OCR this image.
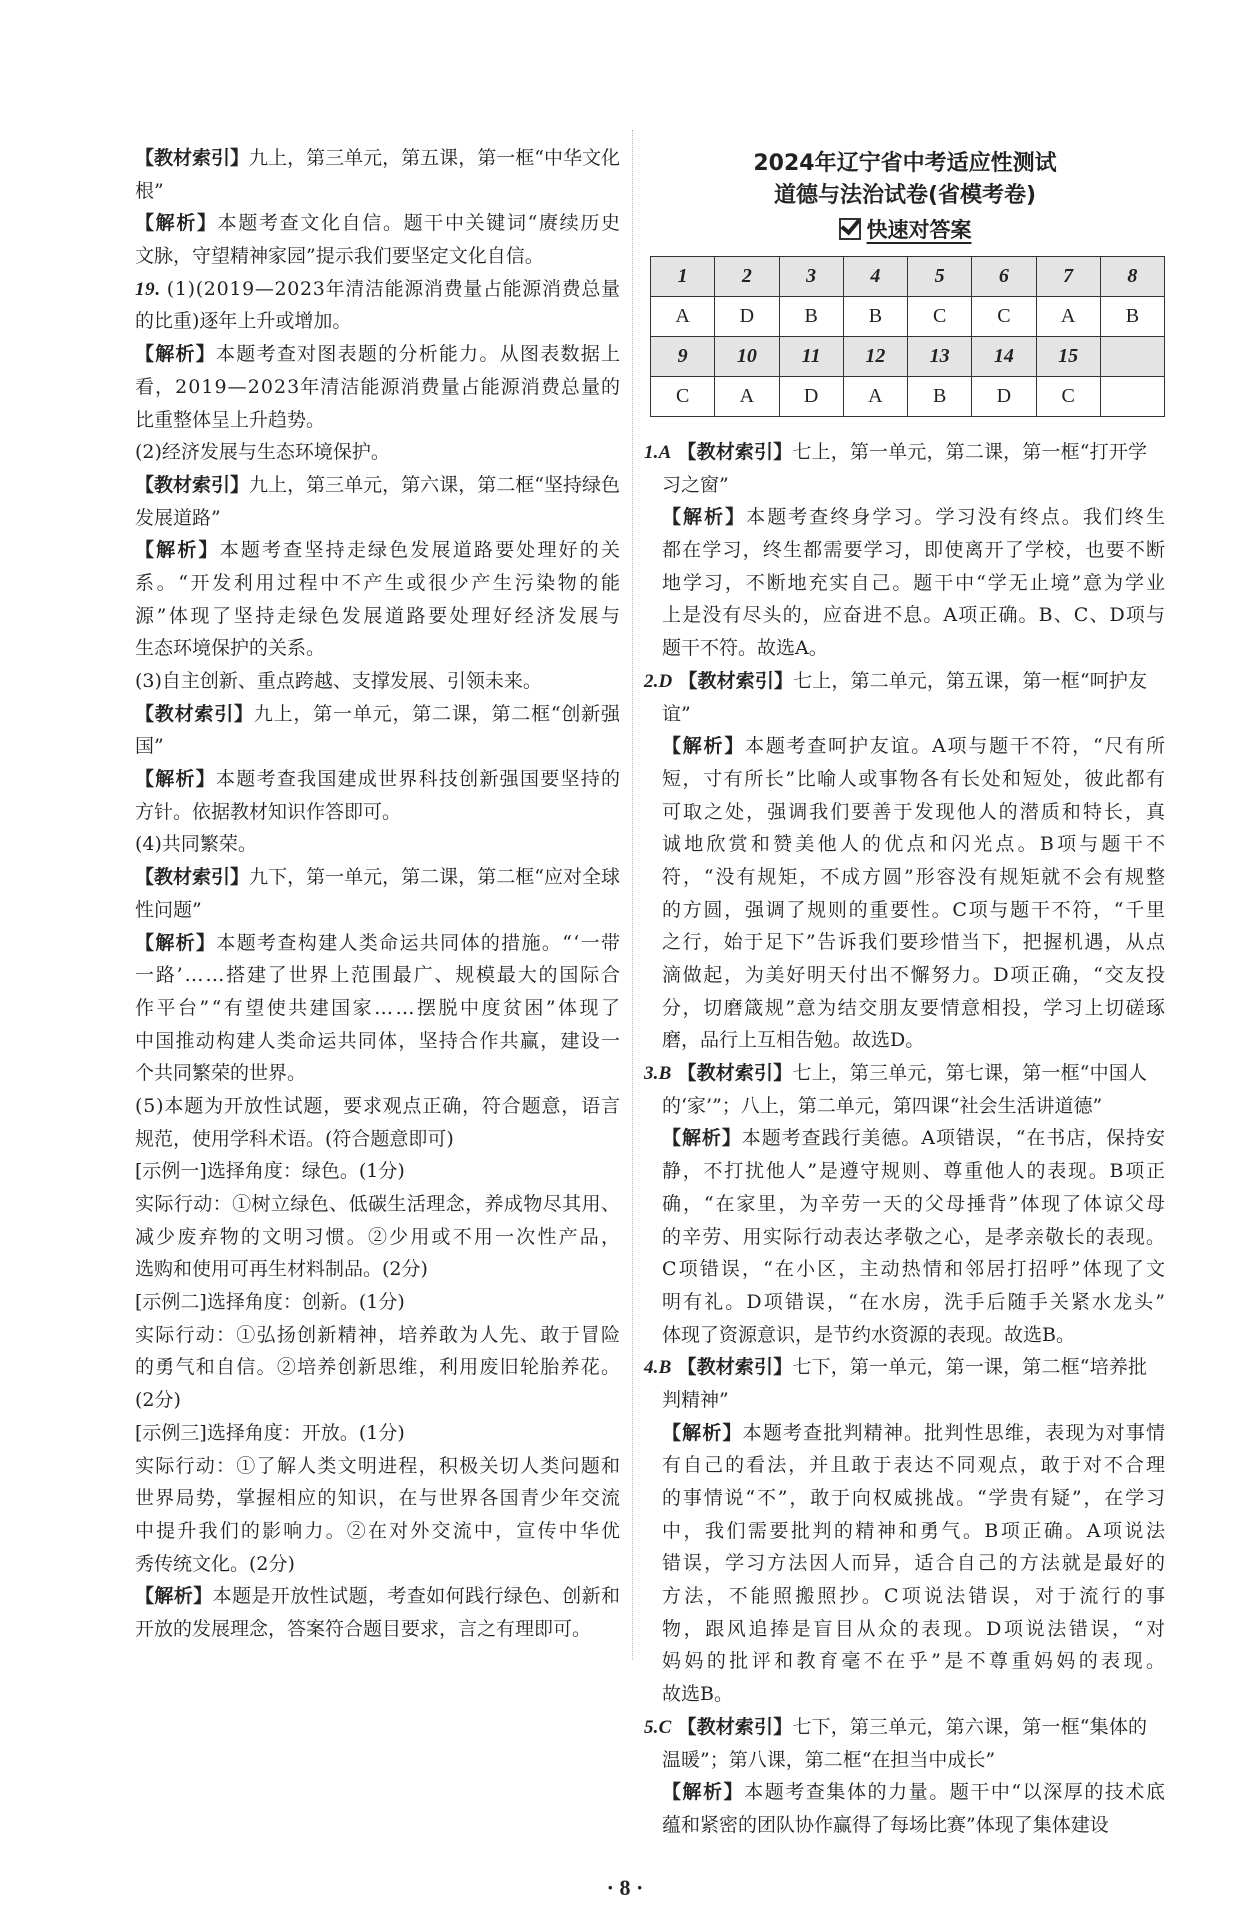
2024年辽宁省中考适应性测试
道德与法治试卷(省模考卷)
快速对答案
1	2	3	4	5	6	7	8
A	D	B	B	C	C	A	B
9	10	11	12	13	14	15	
C	A	D	A	B	D	C	
【教材索引】九上，第三单元，第五课，第一框“中华文化
根”
【解析】本题考查文化自信。题干中关键词“赓续历史
文脉，守望精神家园”提示我们要坚定文化自信。
19. (1)(2019—2023年清洁能源消费量占能源消费总量
的比重)逐年上升或增加。
【解析】本题考查对图表题的分析能力。从图表数据上
看，2019—2023年清洁能源消费量占能源消费总量的
比重整体呈上升趋势。
(2)经济发展与生态环境保护。
【教材索引】九上，第三单元，第六课，第二框“坚持绿色
发展道路”
【解析】本题考查坚持走绿色发展道路要处理好的关
系。“开发利用过程中不产生或很少产生污染物的能
源”体现了坚持走绿色发展道路要处理好经济发展与
生态环境保护的关系。
(3)自主创新、重点跨越、支撑发展、引领未来。
【教材索引】九上，第一单元，第二课，第二框“创新强
国”
【解析】本题考查我国建成世界科技创新强国要坚持的
方针。依据教材知识作答即可。
(4)共同繁荣。
【教材索引】九下，第一单元，第二课，第二框“应对全球
性问题”
【解析】本题考查构建人类命运共同体的措施。“‘一带
一路’……搭建了世界上范围最广、规模最大的国际合
作平台”“有望使共建国家……摆脱中度贫困”体现了
中国推动构建人类命运共同体，坚持合作共赢，建设一
个共同繁荣的世界。
(5)本题为开放性试题，要求观点正确，符合题意，语言
规范，使用学科术语。(符合题意即可)
[示例一]选择角度：绿色。(1分)
实际行动：①树立绿色、低碳生活理念，养成物尽其用、
减少废弃物的文明习惯。②少用或不用一次性产品，
选购和使用可再生材料制品。(2分)
[示例二]选择角度：创新。(1分)
实际行动：①弘扬创新精神，培养敢为人先、敢于冒险
的勇气和自信。②培养创新思维，利用废旧轮胎养花。
(2分)
[示例三]选择角度：开放。(1分)
实际行动：①了解人类文明进程，积极关切人类问题和
世界局势，掌握相应的知识，在与世界各国青少年交流
中提升我们的影响力。②在对外交流中，宣传中华优
秀传统文化。(2分)
【解析】本题是开放性试题，考查如何践行绿色、创新和
开放的发展理念，答案符合题目要求，言之有理即可。
1.A 【教材索引】七上，第一单元，第二课，第一框“打开学
习之窗”
【解析】本题考查终身学习。学习没有终点。我们终生
都在学习，终生都需要学习，即使离开了学校，也要不断
地学习，不断地充实自己。题干中“学无止境”意为学业
上是没有尽头的，应奋进不息。A项正确。B、C、D项与
题干不符。故选A。
2.D 【教材索引】七上，第二单元，第五课，第一框“呵护友
谊”
【解析】本题考查呵护友谊。A项与题干不符，“尺有所
短，寸有所长”比喻人或事物各有长处和短处，彼此都有
可取之处，强调我们要善于发现他人的潜质和特长，真
诚地欣赏和赞美他人的优点和闪光点。B项与题干不
符，“没有规矩，不成方圆”形容没有规矩就不会有规整
的方圆，强调了规则的重要性。C项与题干不符，“千里
之行，始于足下”告诉我们要珍惜当下，把握机遇，从点
滴做起，为美好明天付出不懈努力。D项正确，“交友投
分，切磨箴规”意为结交朋友要情意相投，学习上切磋琢
磨，品行上互相告勉。故选D。
3.B 【教材索引】七上，第三单元，第七课，第一框“中国人
的‘家’”；八上，第二单元，第四课“社会生活讲道德”
【解析】本题考查践行美德。A项错误，“在书店，保持安
静，不打扰他人”是遵守规则、尊重他人的表现。B项正
确，“在家里，为辛劳一天的父母捶背”体现了体谅父母
的辛劳、用实际行动表达孝敬之心，是孝亲敬长的表现。
C项错误，“在小区，主动热情和邻居打招呼”体现了文
明有礼。D项错误，“在水房，洗手后随手关紧水龙头”
体现了资源意识，是节约水资源的表现。故选B。
4.B 【教材索引】七下，第一单元，第一课，第二框“培养批
判精神”
【解析】本题考查批判精神。批判性思维，表现为对事情
有自己的看法，并且敢于表达不同观点，敢于对不合理
的事情说“不”，敢于向权威挑战。“学贵有疑”，在学习
中，我们需要批判的精神和勇气。B项正确。A项说法
错误，学习方法因人而异，适合自己的方法就是最好的
方法，不能照搬照抄。C项说法错误，对于流行的事
物，跟风追捧是盲目从众的表现。D项说法错误，“对
妈妈的批评和教育毫不在乎”是不尊重妈妈的表现。
故选B。
5.C 【教材索引】七下，第三单元，第六课，第一框“集体的
温暖”；第八课，第二框“在担当中成长”
【解析】本题考查集体的力量。题干中“以深厚的技术底
蕴和紧密的团队协作赢得了每场比赛”体现了集体建设
· 8 ·
